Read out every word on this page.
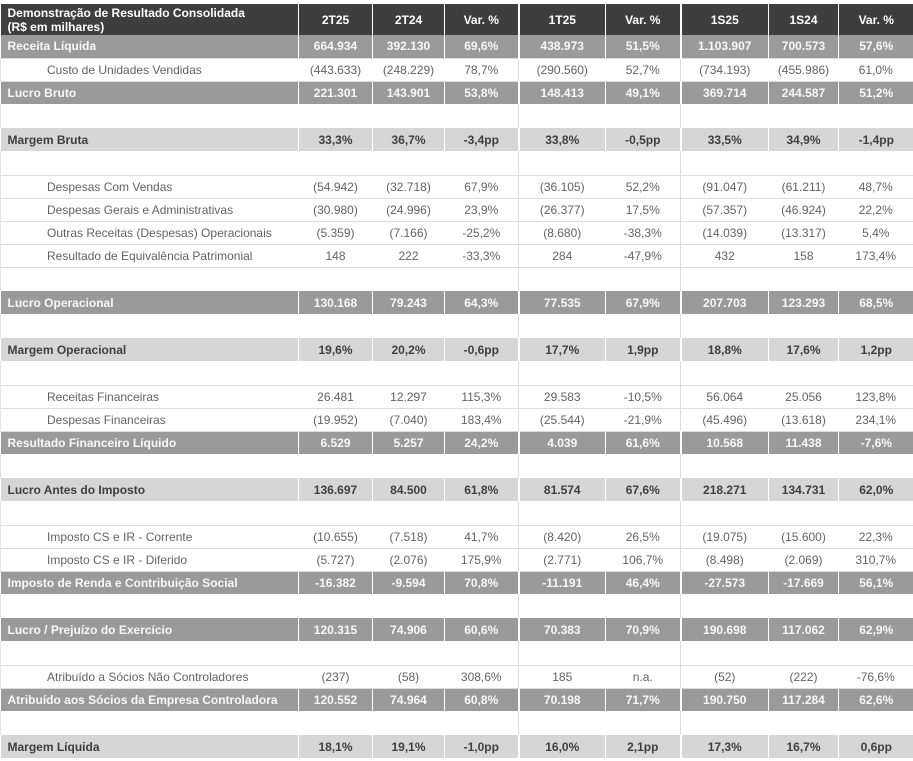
Demonstração de Resultado Consolidada
(R$ em milhares)	2T25	2T24	Var. %	1T25	Var. %	1S25	1S24	Var. %
Receita Líquida	664.934	392.130	69,6%	438.973	51,5%	1.103.907	700.573	57,6%
Custo de Unidades Vendidas	(443.633)	(248.229)	78,7%	(290.560)	52,7%	(734.193)	(455.986)	61,0%
Lucro Bruto	221.301	143.901	53,8%	148.413	49,1%	369.714	244.587	51,2%

Margem Bruta	33,3%	36,7%	-3,4pp	33,8%	-0,5pp	33,5%	34,9%	-1,4pp

Despesas Com Vendas	(54.942)	(32.718)	67,9%	(36.105)	52,2%	(91.047)	(61.211)	48,7%
Despesas Gerais e Administrativas	(30.980)	(24.996)	23,9%	(26.377)	17,5%	(57.357)	(46.924)	22,2%
Outras Receitas (Despesas) Operacionais	(5.359)	(7.166)	-25,2%	(8.680)	-38,3%	(14.039)	(13.317)	5,4%
Resultado de Equivalência Patrimonial	148	222	-33,3%	284	-47,9%	432	158	173,4%

Lucro Operacional	130.168	79.243	64,3%	77.535	67,9%	207.703	123.293	68,5%

Margem Operacional	19,6%	20,2%	-0,6pp	17,7%	1,9pp	18,8%	17,6%	1,2pp

Receitas Financeiras	26.481	12.297	115,3%	29.583	-10,5%	56.064	25.056	123,8%
Despesas Financeiras	(19.952)	(7.040)	183,4%	(25.544)	-21,9%	(45.496)	(13.618)	234,1%
Resultado Financeiro Líquido	6.529	5.257	24,2%	4.039	61,6%	10.568	11.438	-7,6%

Lucro Antes do Imposto	136.697	84.500	61,8%	81.574	67,6%	218.271	134.731	62,0%

Imposto CS e IR - Corrente	(10.655)	(7.518)	41,7%	(8.420)	26,5%	(19.075)	(15.600)	22,3%
Imposto CS e IR - Diferido	(5.727)	(2.076)	175,9%	(2.771)	106,7%	(8.498)	(2.069)	310,7%
Imposto de Renda e Contribuição Social	-16.382	-9.594	70,8%	-11.191	46,4%	-27.573	-17.669	56,1%

Lucro / Prejuízo do Exercício	120.315	74.906	60,6%	70.383	70,9%	190.698	117.062	62,9%

Atribuído a Sócios Não Controladores	(237)	(58)	308,6%	185	n.a.	(52)	(222)	-76,6%
Atribuído aos Sócios da Empresa Controladora	120.552	74.964	60,8%	70.198	71,7%	190.750	117.284	62,6%

Margem Líquida	18,1%	19,1%	-1,0pp	16,0%	2,1pp	17,3%	16,7%	0,6pp
